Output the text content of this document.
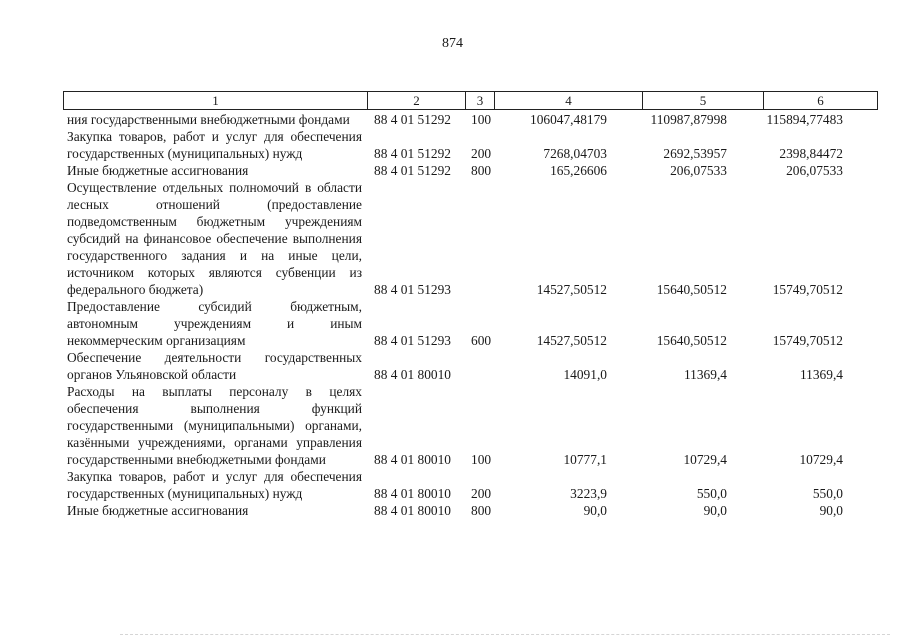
874
1	2	3	4	5	6
ния государственными внебюджетными фондами	88 4 01 51292 100	106047,48179	110987,87998	115894,77483
Закупка товаров, работ и услуг для обеспечения государственных (муниципальных) нужд	88 4 01 51292 200	7268,04703	2692,53957	2398,84472
Иные бюджетные ассигнования	88 4 01 51292 800	165,26606	206,07533	206,07533
Осуществление отдельных полномочий в области лесных отношений (предоставление подведомственным бюджетным учреждениям субсидий на финансовое обеспечение выполнения государственного задания и на иные цели, источником которых являются субвенции из федерального бюджета)	88 4 01 51293	14527,50512	15640,50512	15749,70512
Предоставление субсидий бюджетным, автономным учреждениям и иным некоммерческим организациям	88 4 01 51293 600	14527,50512	15640,50512	15749,70512
Обеспечение деятельности государственных органов Ульяновской области	88 4 01 80010	14091,0	11369,4	11369,4
Расходы на выплаты персоналу в целях обеспечения выполнения функций государственными (муниципальными) органами, казёнными учреждениями, органами управления государственными внебюджетными фондами	88 4 01 80010 100	10777,1	10729,4	10729,4
Закупка товаров, работ и услуг для обеспечения государственных (муниципальных) нужд	88 4 01 80010 200	3223,9	550,0	550,0
Иные бюджетные ассигнования	88 4 01 80010 800	90,0	90,0	90,0
